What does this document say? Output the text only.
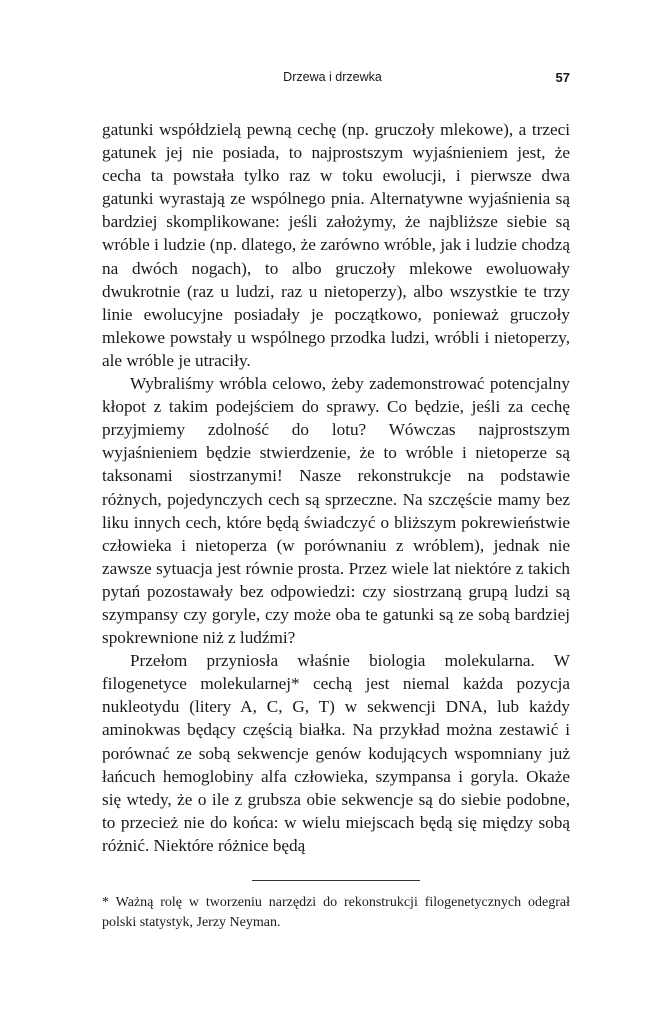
Drzewa i drzewka	57

gatunki współdzielą pewną cechę (np. gruczoły mlekowe), a trzeci gatunek jej nie posiada, to najprostszym wyjaśnieniem jest, że cecha ta powstała tylko raz w toku ewolucji, i pierwsze dwa gatunki wyrastają ze wspólnego pnia. Alternatywne wyjaśnienia są bardziej skomplikowane: jeśli założymy, że najbliższe siebie są wróble i ludzie (np. dlatego, że zarówno wróble, jak i ludzie chodzą na dwóch nogach), to albo gruczoły mlekowe ewoluowały dwukrotnie (raz u ludzi, raz u nietoperzy), albo wszystkie te trzy linie ewolucyjne posiadały je początkowo, ponieważ gruczoły mlekowe powstały u wspólnego przodka ludzi, wróbli i nietoperzy, ale wróble je utraciły.

Wybraliśmy wróbla celowo, żeby zademonstrować potencjalny kłopot z takim podejściem do sprawy. Co będzie, jeśli za cechę przyjmiemy zdolność do lotu? Wówczas najprostszym wyjaśnieniem będzie stwierdzenie, że to wróble i nietoperze są taksonami siostrzanymi! Nasze rekonstrukcje na podstawie różnych, pojedynczych cech są sprzeczne. Na szczęście mamy bez liku innych cech, które będą świadczyć o bliższym pokrewieństwie człowieka i nietoperza (w porównaniu z wróblem), jednak nie zawsze sytuacja jest równie prosta. Przez wiele lat niektóre z takich pytań pozostawały bez odpowiedzi: czy siostrzaną grupą ludzi są szympansy czy goryle, czy może oba te gatunki są ze sobą bardziej spokrewnione niż z ludźmi?

Przełom przyniosła właśnie biologia molekularna. W filogenetyce molekularnej* cechą jest niemal każda pozycja nukleotydu (litery A, C, G, T) w sekwencji DNA, lub każdy aminokwas będący częścią białka. Na przykład można zestawić i porównać ze sobą sekwencje genów kodujących wspomniany już łańcuch hemoglobiny alfa człowieka, szympansa i goryla. Okaże się wtedy, że o ile z grubsza obie sekwencje są do siebie podobne, to przecież nie do końca: w wielu miejscach będą się między sobą różnić. Niektóre różnice będą

* Ważną rolę w tworzeniu narzędzi do rekonstrukcji filogenetycznych odegrał polski statystyk, Jerzy Neyman.
